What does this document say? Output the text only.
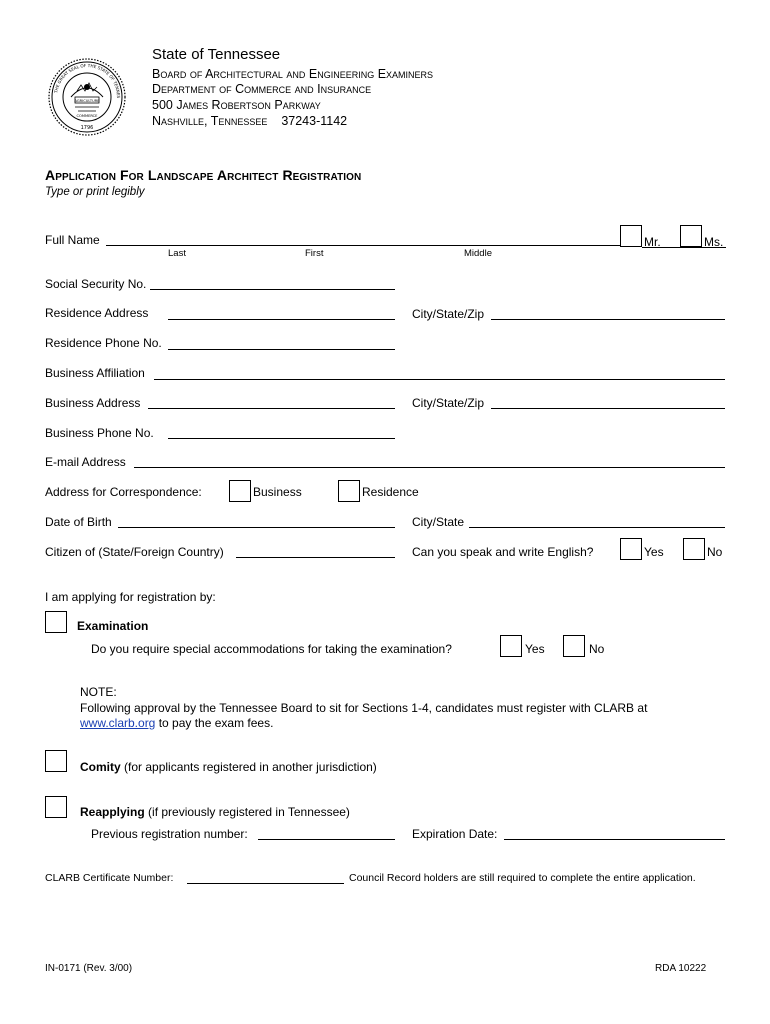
THE GREAT SEAL OF THE STATE OF TENNES
AGRICULTURE
COMMERCE
1796
State of Tennessee
Board of Architectural and Engineering Examiners
Department of Commerce and Insurance
500 James Robertson Parkway
Nashville, Tennessee 37243-1142
Application For Landscape Architect Registration
Type or print legibly
Full Name
Last	First	Middle
Mr.	Ms.
Social Security No.
Residence Address	City/State/Zip
Residence Phone No.
Business Affiliation
Business Address	City/State/Zip
Business Phone No.
E-mail Address
Address for Correspondence:	Business	Residence
Date of Birth	City/State
Citizen of (State/Foreign Country)	Can you speak and write English?	Yes	No
I am applying for registration by:
Examination
Do you require special accommodations for taking the examination?	Yes	No
NOTE:
Following approval by the Tennessee Board to sit for Sections 1-4, candidates must register with CLARB at
www.clarb.org to pay the exam fees.
Comity (for applicants registered in another jurisdiction)
Reapplying (if previously registered in Tennessee)
Previous registration number:	Expiration Date:
CLARB Certificate Number:	Council Record holders are still required to complete the entire application.
IN-0171 (Rev. 3/00)	RDA 10222
